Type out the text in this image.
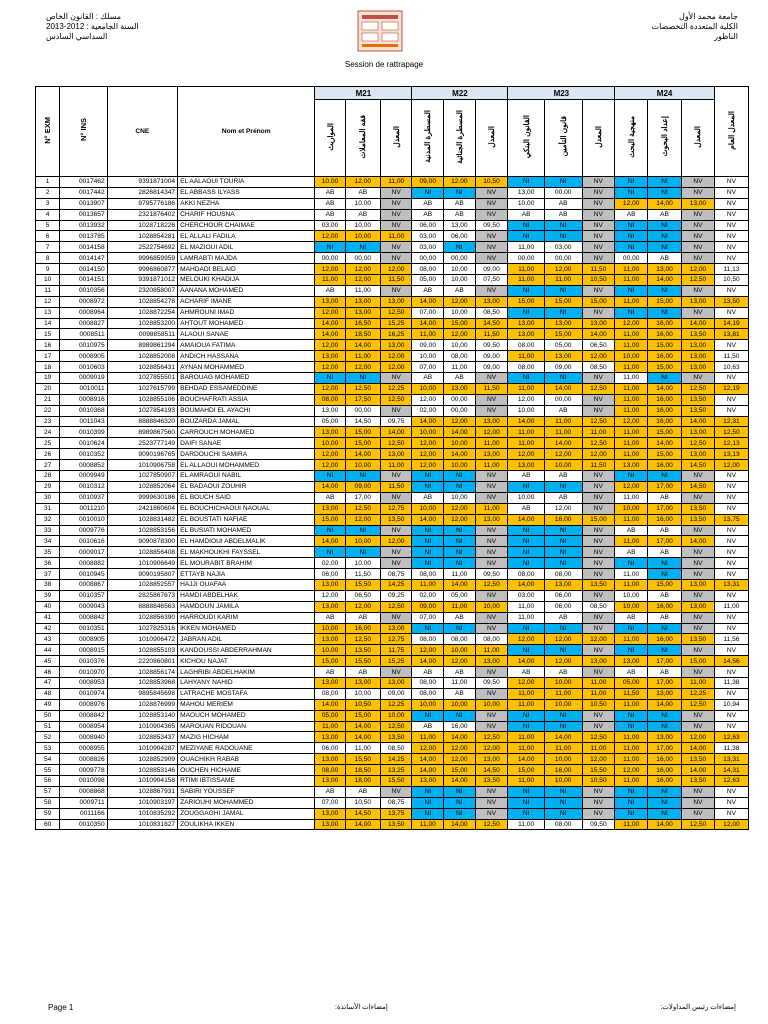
مسلك : القانون الخاص
السنة الجامعية : 2012-2013
السداسي السادس
جامعة محمد الأول
الكلية المتعددة التخصصات
الناظور
Session de rattrapage
N° EXM	N° INS	CNE	Nom et Prénom	M21			M22			M23			M24			المعدل العام
				المواريث	فقه المعاملات	المعدل	المسطرة المدنية	المسطرة الجنائية	المعدل	القانون البنكي	قانون التأمين	المعدل	منهجية البحث	إعداد البحوث	المعدل	
1	0017462	9391871004	EL AALAOUI TOURIA	10.00	12.00	11,00	09,00	12.00	10,50	NI	NI	NV	NI	NI	NV	NV
2	0017442	2826814347	EL ABBASS ILYASS	AB	AB	NV	NI	NI	NV	13,00	00.00	NV	NI	NI	NV	NV
3	0013907	9795776186	AKKI NEZHA	AB	10,00	NV	AB	AB	NV	10,00	AB	NV	12,00	14,00	13,00	NV
4	0013657	2321876402	CHARIF HOUSNA	AB	AB	NV	AB	AB	NV	AB	AB	NV	AB	AB	NV	NV
5	0013932	1028718226	CHERCHOUR CHAIMAE	03,00	10,00	NV	06,00	13,00	09,50	NI	NI	NV	NI	NI	NV	NV
6	0013785	1028854281	EL ALLALI FADILA	12,00	10,00	11,00	03,00	06,00	NV	NI	NI	NV	NI	NI	NV	NV
7	0014158	2522754692	EL MAZIOUI ADIL	NI	NI	NV	03,00	NI	NV	11,00	03,00	NV	NI	NI	NV	NV
8	0014147	9996859959	LAMRABTI MAJDA	00,00	00,00	NV	00,00	00,00	NV	00,00	00,00	NV	00,00	AB	NV	NV
9	0014150	9996860877	MAHDADI BELAID	12,00	12,00	12,00	08,00	10,00	09,00	11,00	12,00	11,50	11,00	13,00	12,00	11,13
10	0014151	9391871012	MELOUKI KHADIJA	11,00	12,00	11,50	05,00	10,00	07,50	11,00	11,00	10,50	11,00	14,00	12,50	10,50
11	0010356	2320858007	AANANA MOHAMED	AB	11,00	NV	AB	AB	NV	NI	NI	NV	NI	NI	NV	NV
12	0008972	1028854278	ACHARIF IMANE	13,00	13,00	13,00	14,00	12,00	13,00	15,00	15,00	15,00	11,00	15,00	13,00	13,50
13	0008964	1028872254	AHMROUNI IMAD	12,00	13,00	12,50	07,00	10,00	08,50	NI	NI	NV	NI	NI	NV	NV
14	0008827	1028853200	AHTOUT MOHAMED	14,00	16,50	15,25	14,00	15,00	14,50	13,00	13,00	13,00	12,00	16,00	14,00	14,19
15	0008511	0098858511	ALAOUI SANAE	14,00	18,50	16,25	11,00	12,00	11,50	13,00	15,00	14,00	11,00	16,00	13,50	13,81
16	0010975	8989861294	AMAIOUA FATIMA	12,00	14,00	13,00	09,00	10,00	09,50	08,00	05,00	06,50	11,00	15,00	13,00	NV
17	0008905	1028852008	ANDICH HASSANA	13,00	11,00	12,00	10,00	08,00	09,00	11,00	13,00	12,00	10,00	16,00	13,00	11,50
18	0010603	1028856431	AYNAN MOHAMMED	12,00	12,00	12,00	07,00	11,00	09,00	08,00	09,00	08,50	11,00	15,00	13,00	10,63
19	0009019	1027855501	BAROUAG MOHAMED	NI	NI	NV	AB	AB	NV	NI	NI	NV	11,00	NI	NV	NV
20	0010011	1027615799	BEHDAD ESSAMEDDINE	12,00	12,50	12,25	10,00	13,00	11,50	11,00	14,00	12,50	11,00	14,00	12,50	12,19
21	0008916	1028855106	BOUCHAFRATI ASSIA	08,00	17,50	12,50	12,00	00,00	NV	12,00	00,00	NV	11,00	16,00	13,50	NV
22	0010368	1027854193	BOUMAHDI EL AYACHI	13,00	00,00	NV	02,00	00,00	NV	10,00	AB	NV	11,00	16,00	13,50	NV
23	0011043	8888846320	BOUZARDA JAMAL	05,00	14,50	09,75	14,00	12,00	13,00	14,00	11,00	12,50	12,00	16,00	14,00	12,31
24	0010399	8989867560	CARROUCH MOHAMED	13,00	15,00	14,00	10,00	14,00	12,00	11,00	11,00	11,00	11,00	15,00	13,00	12,50
25	0010624	2523777149	DAIFI SANAE	10,00	15,00	12,50	12,00	10,00	11,00	11,00	14,00	12,50	11,00	14,00	12,50	12,13
26	0010352	9090196765	DARDOUCHI SAMIRA	12,00	14,00	13,00	12,00	14,00	13,00	12,00	12,00	12,00	11,00	15,00	13,00	13,13
27	0008852	1010906758	EL ALLAOUI MOHAMMED	12,00	10,00	11,00	12,00	10,00	11,00	13,00	10,00	11,50	13,00	16,00	14,50	12,00
28	0009949	1027850907	EL AMRAOUI NABIL	NI	NI	NV	NI	NI	NV	AB	AB	NV	NI	NI	NV	NV
29	0010312	1028852064	EL BADAOUI ZOUHIR	14,00	09,00	11,50	NI	NI	NV	NI	NI	NV	12,00	17,00	14,50	NV
30	0010937	9999630186	EL BOUCH SAID	AB	17,00	NV	AB	10,00	NV	10,00	AB	NV	11,00	AB	NV	NV
31	0011210	2421860604	EL BOUCHICHAOUI NAOUAL	13,00	12,50	12,75	10,00	12,00	11,00	AB	12,00	NV	10,00	17,00	13,50	NV
32	0010010	1028831482	EL BOUSTATI NAFIAE	15,00	12,00	13,50	14,00	12,00	13,00	14,00	16,00	15,00	11,00	16,00	13,50	13,75
33	0009776	1028853156	EL BUSIATI MOHAMED	NI	NI	NV	NI	NI	NV	NI	NI	NV	AB	AB	NV	NV
34	0010616	9090878300	EL HAMDIOUI ABDELMALIK	14,00	10,00	12,00	NI	NI	NV	NI	NI	NV	11,00	17,00	14,00	NV
35	0009017	1028856408	EL MAKHOUKHI FAYSSEL	NI	NI	NV	NI	NI	NV	NI	NI	NV	AB	AB	NV	NV
36	0008882	1010906649	EL MOURABIT BRAHIM	02,00	10,00	NV	NI	NI	NV	NI	NI	NV	NI	NI	NV	NV
37	0010945	9090195807	ETTAYB NAJIA	06,00	11,50	08,75	08,00	11,00	09,50	08,00	08,00	NV	11,00	NI	NV	NV
38	0008867	1028852557	HAJJI OUAFAA	13,00	15,50	14,25	11,00	14,00	12,50	14,00	13,00	13,50	11,00	15,00	13,00	13,31
39	0010357	2825867673	HAMDI ABDELHAK	12,00	06,50	09,25	02,00	05,00	NV	03,00	06,00	NV	10,00	AB	NV	NV
40	0009043	8888846563	HAMDOUN JAMILA	13,00	12,00	12,50	09,00	11,00	10,00	11,00	06,00	08,50	10,00	16,00	13,00	11,00
41	0008842	1028856390	HARROUDI KARIM	AB	AB	NV	07,00	AB	NV	11,00	AB	NV	AB	AB	NV	NV
42	0010351	1027825316	IKKEN MOHAMED	10,00	16,00	13,00	NI	NI	NV	NI	NI	NV	NI	NI	NV	NV
43	0008905	1010906472	JABRAN ADIL	13,00	12,50	12,75	08,00	08,00	08,00	12,00	12,00	12,00	11,00	16,00	13,50	11,56
44	0008915	1028855103	KANDOUSSI ABDERRAHMAN	10,00	13,50	11,75	12,00	10,00	11,00	NI	NI	NV	NI	NI	NV	NV
45	0010376	2220860801	KICHOU NAJAT	15,00	15,50	15,25	14,00	12,00	13,00	14,00	12,00	13,00	13,00	17,00	15,00	14,56
46	0010970	1028856174	LAGHRIBI ABDELHAKIM	AB	AB	NV	AB	AB	NV	AB	AB	NV	AB	AB	NV	NV
47	0008953	1028853968	LAHYANY NAHID	13,00	13,00	13,00	08,00	11,00	09,50	12,00	10,00	11,00	05,00	17,00	11,00	11,38
48	0010974	9895845698	LATRACHE MOSTAFA	08,00	10,00	09,00	08,00	AB	NV	11,00	11,00	11,00	11,50	13,00	12,25	NV
49	0008976	1028876999	MAHOU MERIEM	14,00	10,50	12,25	10,00	10,00	10,00	11,00	10,00	10,50	11,00	14,00	12,50	10,94
50	0008842	1028853140	MAOUCH MOHAMED	05,00	15,00	10,00	NI	NI	NV	NI	NI	NV	NI	NI	NV	NV
51	0008954	1010904365	MAROUAN RIDOUAN	11,00	14,00	12,50	AB	16,00	NV	NI	NI	NV	NI	NI	NV	NV
52	0008940	1028853437	MAZIG HICHAM	13,00	14,00	13,50	11,00	14,00	12,50	11,00	14,00	12,50	11,00	13,00	12,00	12,63
53	0008955	1010904287	MEZIYANE RADOUANE	06,00	11,00	08,50	12,00	12,00	12,00	11,00	11,00	11,00	11,00	17,00	14,00	11,38
54	0008826	1028852909	OUACHIKH RABAB	13,00	15,50	14,25	14,00	12,00	13,00	14,00	10,00	12,00	11,00	16,00	13,50	13,31
55	0009778	1028853146	OUCHEN HICHAME	08,00	18,50	13,25	14,00	15,00	14,50	15,00	16,00	15,50	12,00	16,00	14,00	14,31
56	0010098	1010904158	RTIMI IBTISSAME	13,00	18,00	15,50	13,00	14,00	13,50	11,00	10,00	10,50	11,00	16,00	13,50	12,63
57	0008868	1028867931	SABIRI YOUSSEF	AB	AB	NV	NI	NI	NV	NI	NI	NV	NI	NI	NV	NV
58	0009711	1010903197	ZARIOUHI MOHAMMED	07,00	10,50	08,75	NI	NI	NV	NI	NI	NV	NI	NI	NV	NV
59	0011166	1010835292	ZOUGGAGHI JAMAL	13,00	14,50	13,75	NI	NI	NV	NI	NI	NV	NI	NI	NV	NV
60	0010350	1010831827	ZOULIKHA IKKEN	13,00	14,00	13,50	11,00	14,00	12,50	11,00	08,00	09,50	11,00	14,00	12,50	12,00
Page 1	إمضاءات الأساتذة:	إمضاءات رئيس المداولات:
